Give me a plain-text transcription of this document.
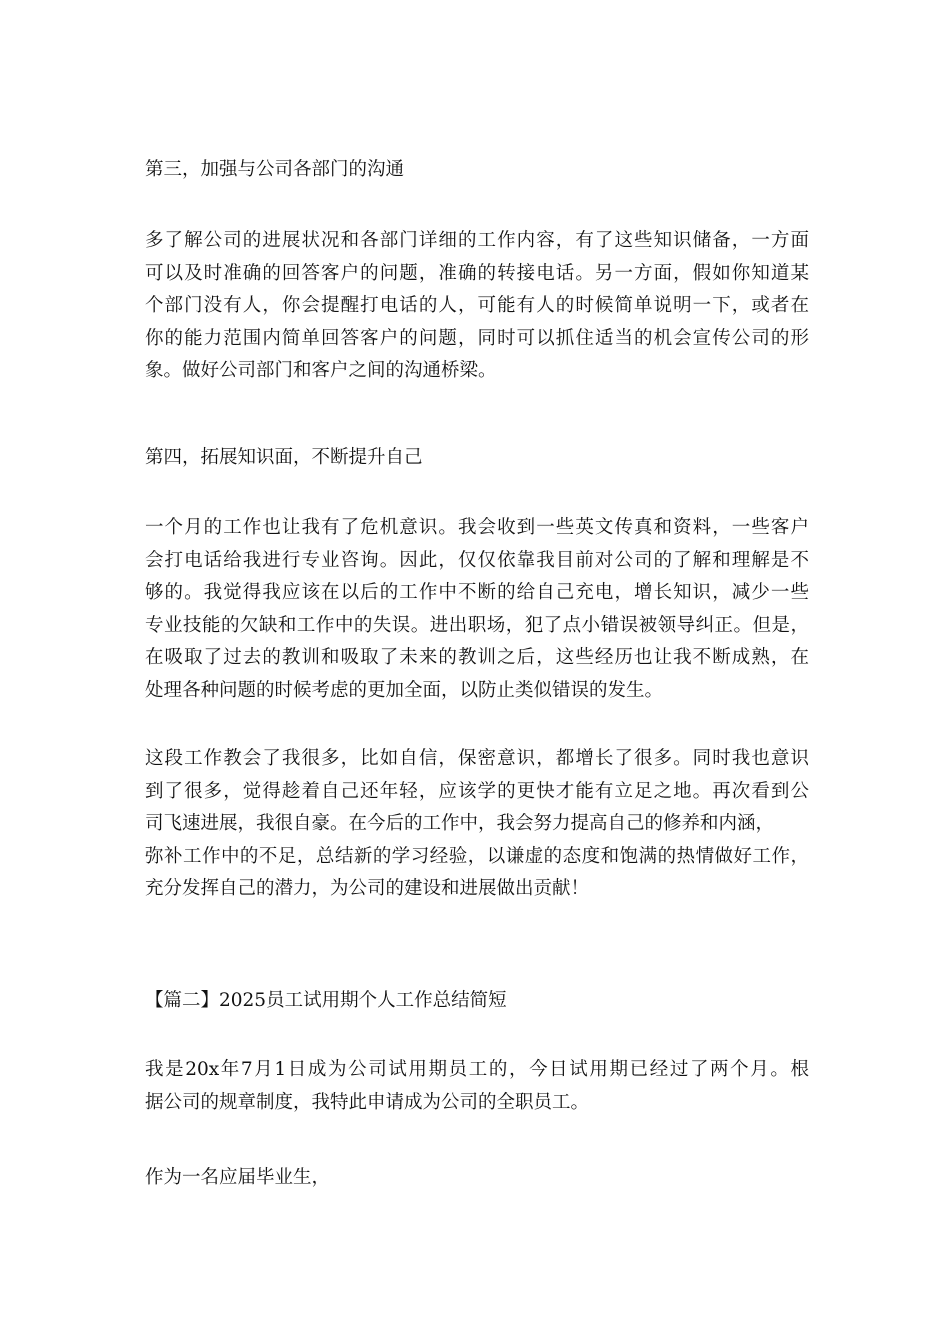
第三，加强与公司各部门的沟通

多了解公司的进展状况和各部门详细的工作内容，有了这些知识储备，一方面
可以及时准确的回答客户的问题，准确的转接电话。另一方面，假如你知道某
个部门没有人，你会提醒打电话的人，可能有人的时候简单说明一下，或者在
你的能力范围内简单回答客户的问题，同时可以抓住适当的机会宣传公司的形
象。做好公司部门和客户之间的沟通桥梁。

第四，拓展知识面，不断提升自己

一个月的工作也让我有了危机意识。我会收到一些英文传真和资料，一些客户
会打电话给我进行专业咨询。因此，仅仅依靠我目前对公司的了解和理解是不
够的。我觉得我应该在以后的工作中不断的给自己充电，增长知识，减少一些
专业技能的欠缺和工作中的失误。进出职场，犯了点小错误被领导纠正。但是，
在吸取了过去的教训和吸取了未来的教训之后，这些经历也让我不断成熟，在
处理各种问题的时候考虑的更加全面，以防止类似错误的发生。
这段工作教会了我很多，比如自信，保密意识，都增长了很多。同时我也意识
到了很多，觉得趁着自己还年轻，应该学的更快才能有立足之地。再次看到公
司飞速进展，我很自豪。在今后的工作中，我会努力提高自己的修养和内涵，
弥补工作中的不足，总结新的学习经验，以谦虚的态度和饱满的热情做好工作，
充分发挥自己的潜力，为公司的建设和进展做出贡献！

【篇二】2025员工试用期个人工作总结简短

我是20x年7月1日成为公司试用期员工的，今日试用期已经过了两个月。根
据公司的规章制度，我特此申请成为公司的全职员工。
作为一名应届毕业生，
